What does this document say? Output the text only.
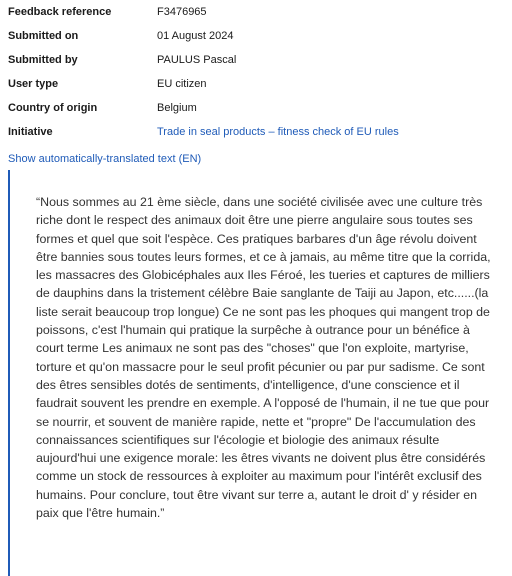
Feedback reference	F3476965
Submitted on	01 August 2024
Submitted by	PAULUS Pascal
User type	EU citizen
Country of origin	Belgium
Initiative	Trade in seal products – fitness check of EU rules
Show automatically-translated text (EN)

“Nous sommes au 21 ème siècle, dans une société civilisée avec une culture très riche dont le respect des animaux doit être une pierre angulaire sous toutes ses formes et quel que soit l'espèce. Ces pratiques barbares d'un âge révolu doivent être bannies sous toutes leurs formes, et ce à jamais, au même titre que la corrida, les massacres des Globicéphales aux Iles Féroé, les tueries et captures de milliers de dauphins dans la tristement célèbre Baie sanglante de Taiji au Japon, etc......(la liste serait beaucoup trop longue) Ce ne sont pas les phoques qui mangent trop de poissons, c'est l'humain qui pratique la surpêche à outrance pour un bénéfice à court terme Les animaux ne sont pas des "choses" que l'on exploite, martyrise, torture et qu'on massacre pour le seul profit pécunier ou par pur sadisme. Ce sont des êtres sensibles dotés de sentiments, d'intelligence, d'une conscience et il faudrait souvent les prendre en exemple. A l'opposé de l'humain, il ne tue que pour se nourrir, et souvent de manière rapide, nette et "propre" De l'accumulation des connaissances scientifiques sur l'écologie et biologie des animaux résulte aujourd'hui une exigence morale: les êtres vivants ne doivent plus être considérés comme un stock de ressources à exploiter au maximum pour l'intérêt exclusif des humains. Pour conclure, tout être vivant sur terre a, autant le droit d' y résider en paix que l'être humain.”
